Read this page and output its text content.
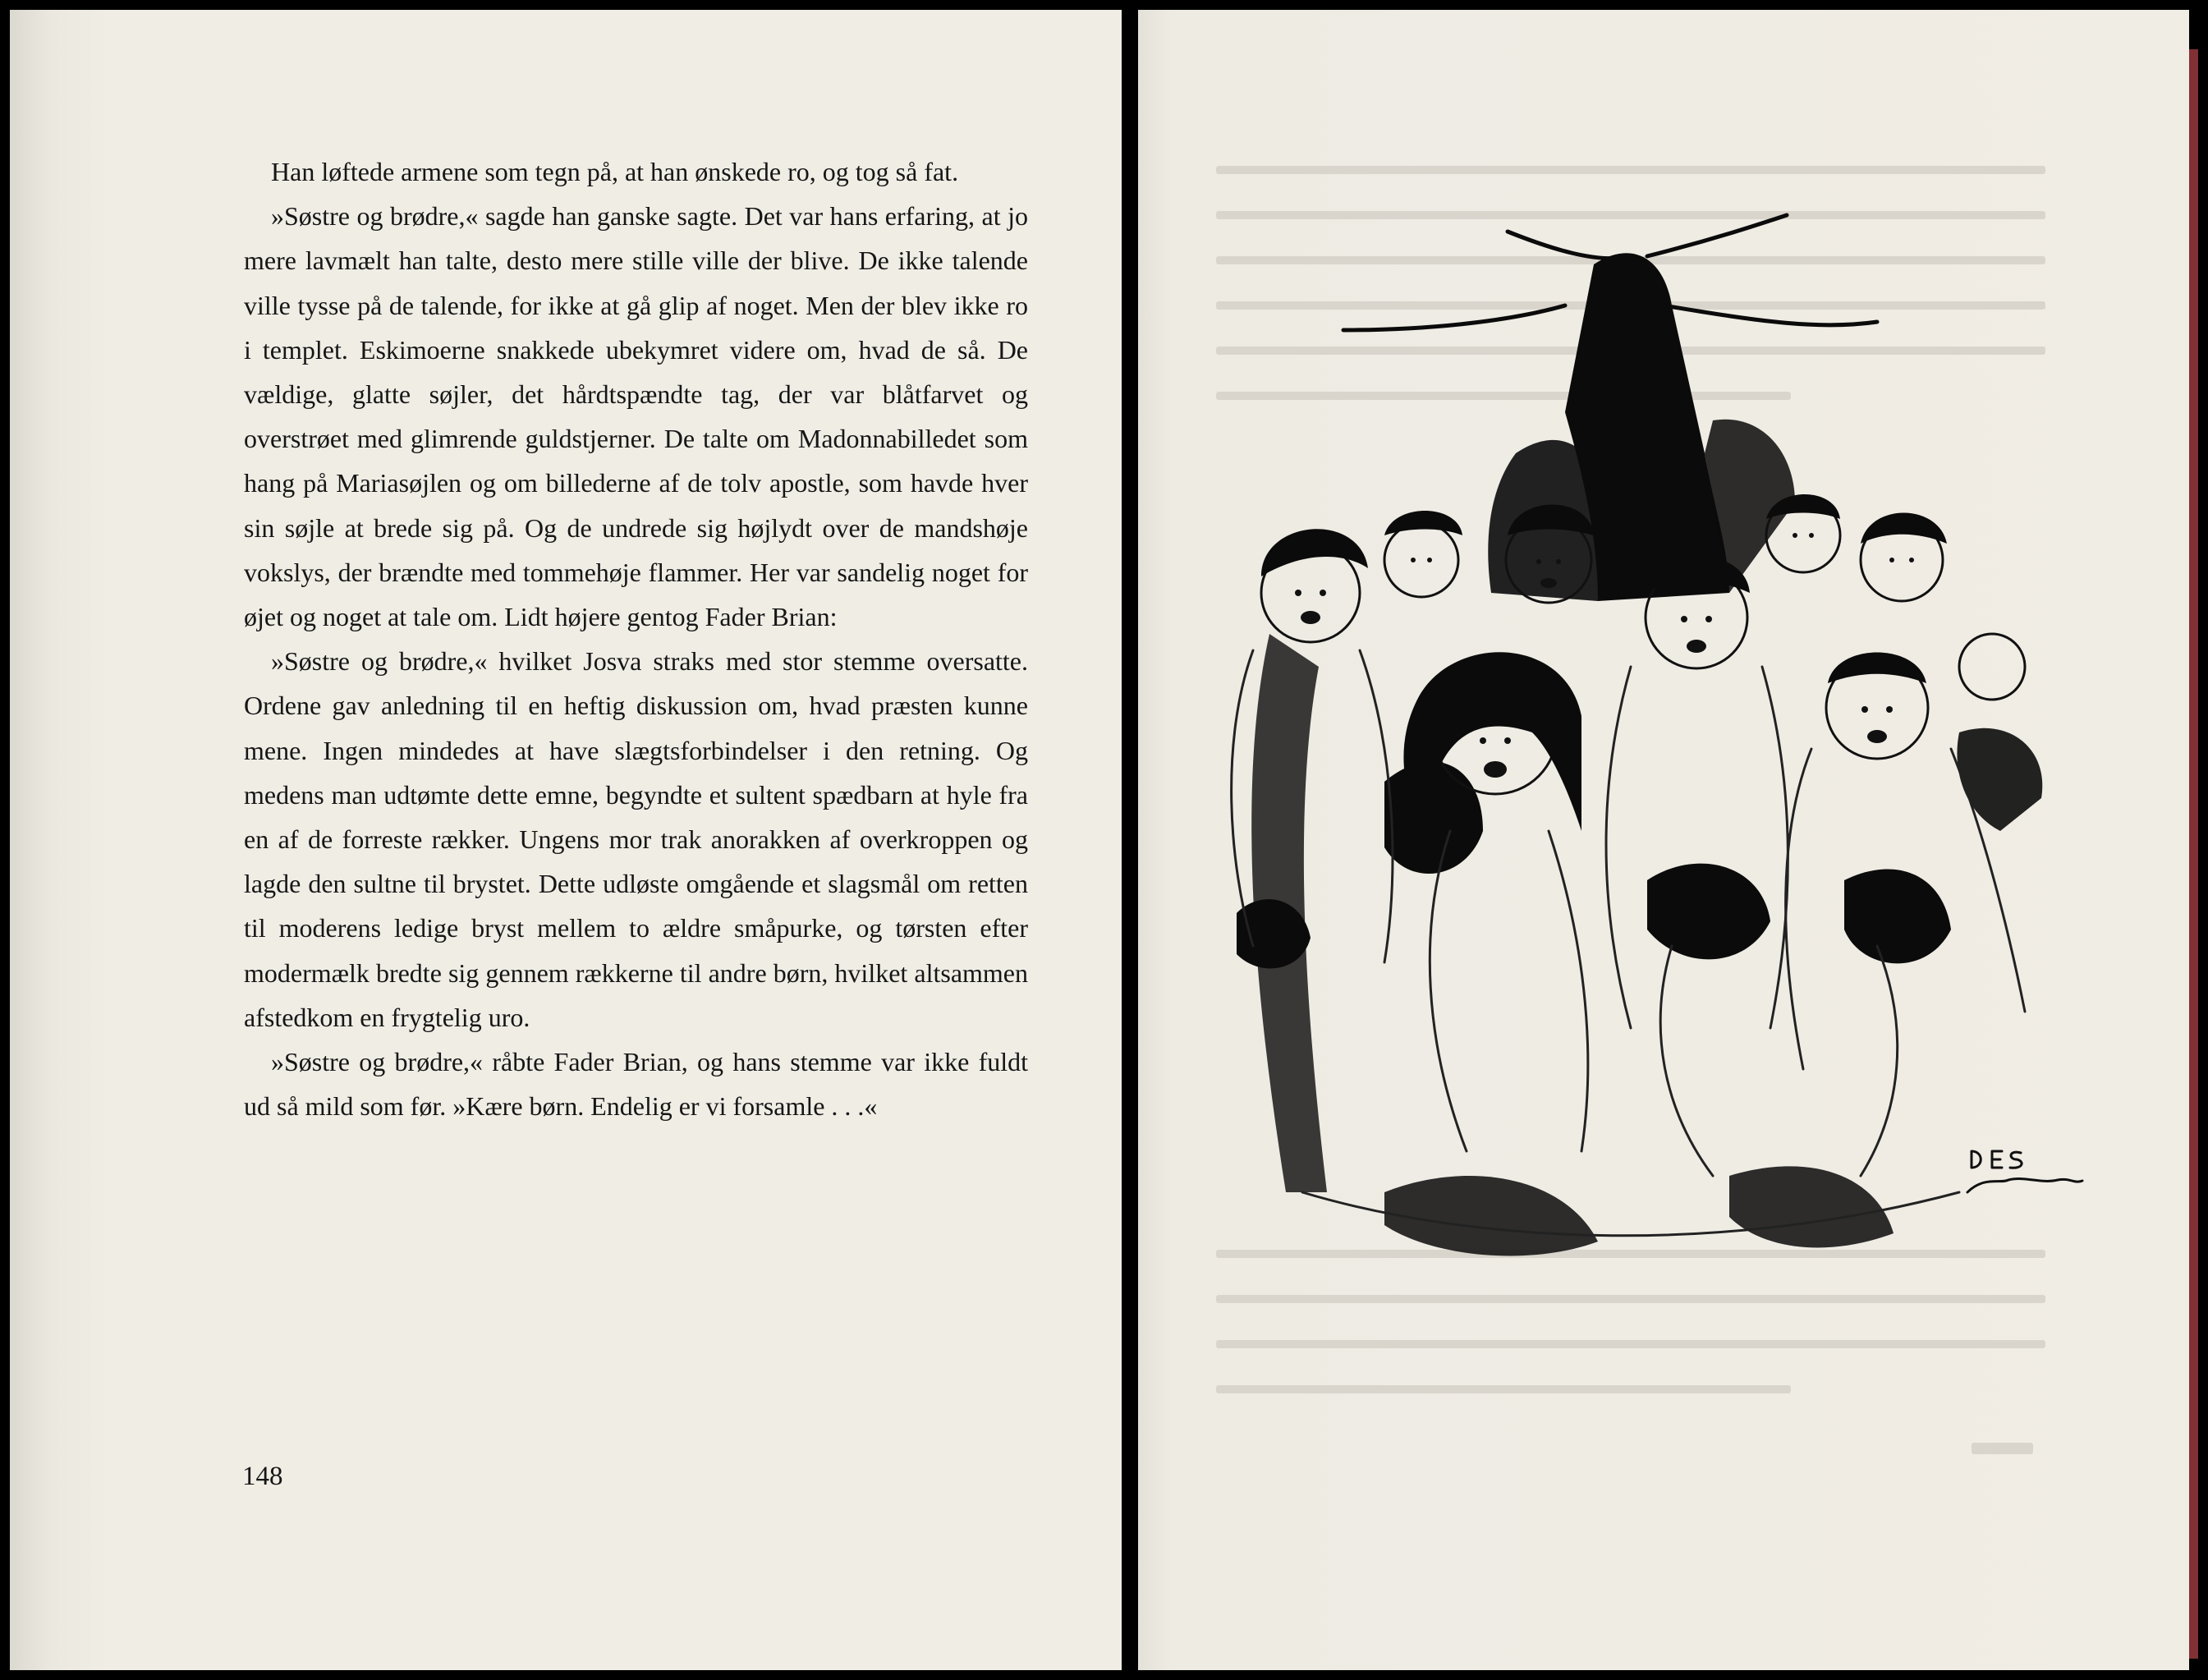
Han løftede armene som tegn på, at han ønskede ro, og tog så fat.

»Søstre og brødre,« sagde han ganske sagte. Det var hans erfaring, at jo mere lavmælt han talte, desto mere stille ville der blive. De ikke talende ville tysse på de talende, for ikke at gå glip af noget. Men der blev ikke ro i templet. Eskimoerne snakkede ubekymret videre om, hvad de så. De vældige, glatte søjler, det hårdtspændte tag, der var blåtfarvet og overstrøet med glimrende guldstjerner. De talte om Madonnabilledet som hang på Mariasøjlen og om billederne af de tolv apostle, som havde hver sin søjle at brede sig på. Og de undrede sig højlydt over de mandshøje vokslys, der brændte med tommehøje flammer. Her var sandelig noget for øjet og noget at tale om. Lidt højere gentog Fader Brian:

»Søstre og brødre,« hvilket Josva straks med stor stemme oversatte. Ordene gav anledning til en heftig diskussion om, hvad præsten kunne mene. Ingen mindedes at have slægtsforbindelser i den retning. Og medens man udtømte dette emne, begyndte et sultent spædbarn at hyle fra en af de forreste rækker. Ungens mor trak anorakken af overkroppen og lagde den sultne til brystet. Dette udløste omgående et slagsmål om retten til moderens ledige bryst mellem to ældre småpurke, og tørsten efter modermælk bredte sig gennem rækkerne til andre børn, hvilket altsammen afstedkom en frygtelig uro.

»Søstre og brødre,« råbte Fader Brian, og hans stemme var ikke fuldt ud så mild som før. »Kære børn. Endelig er vi forsamle . . .«

148
